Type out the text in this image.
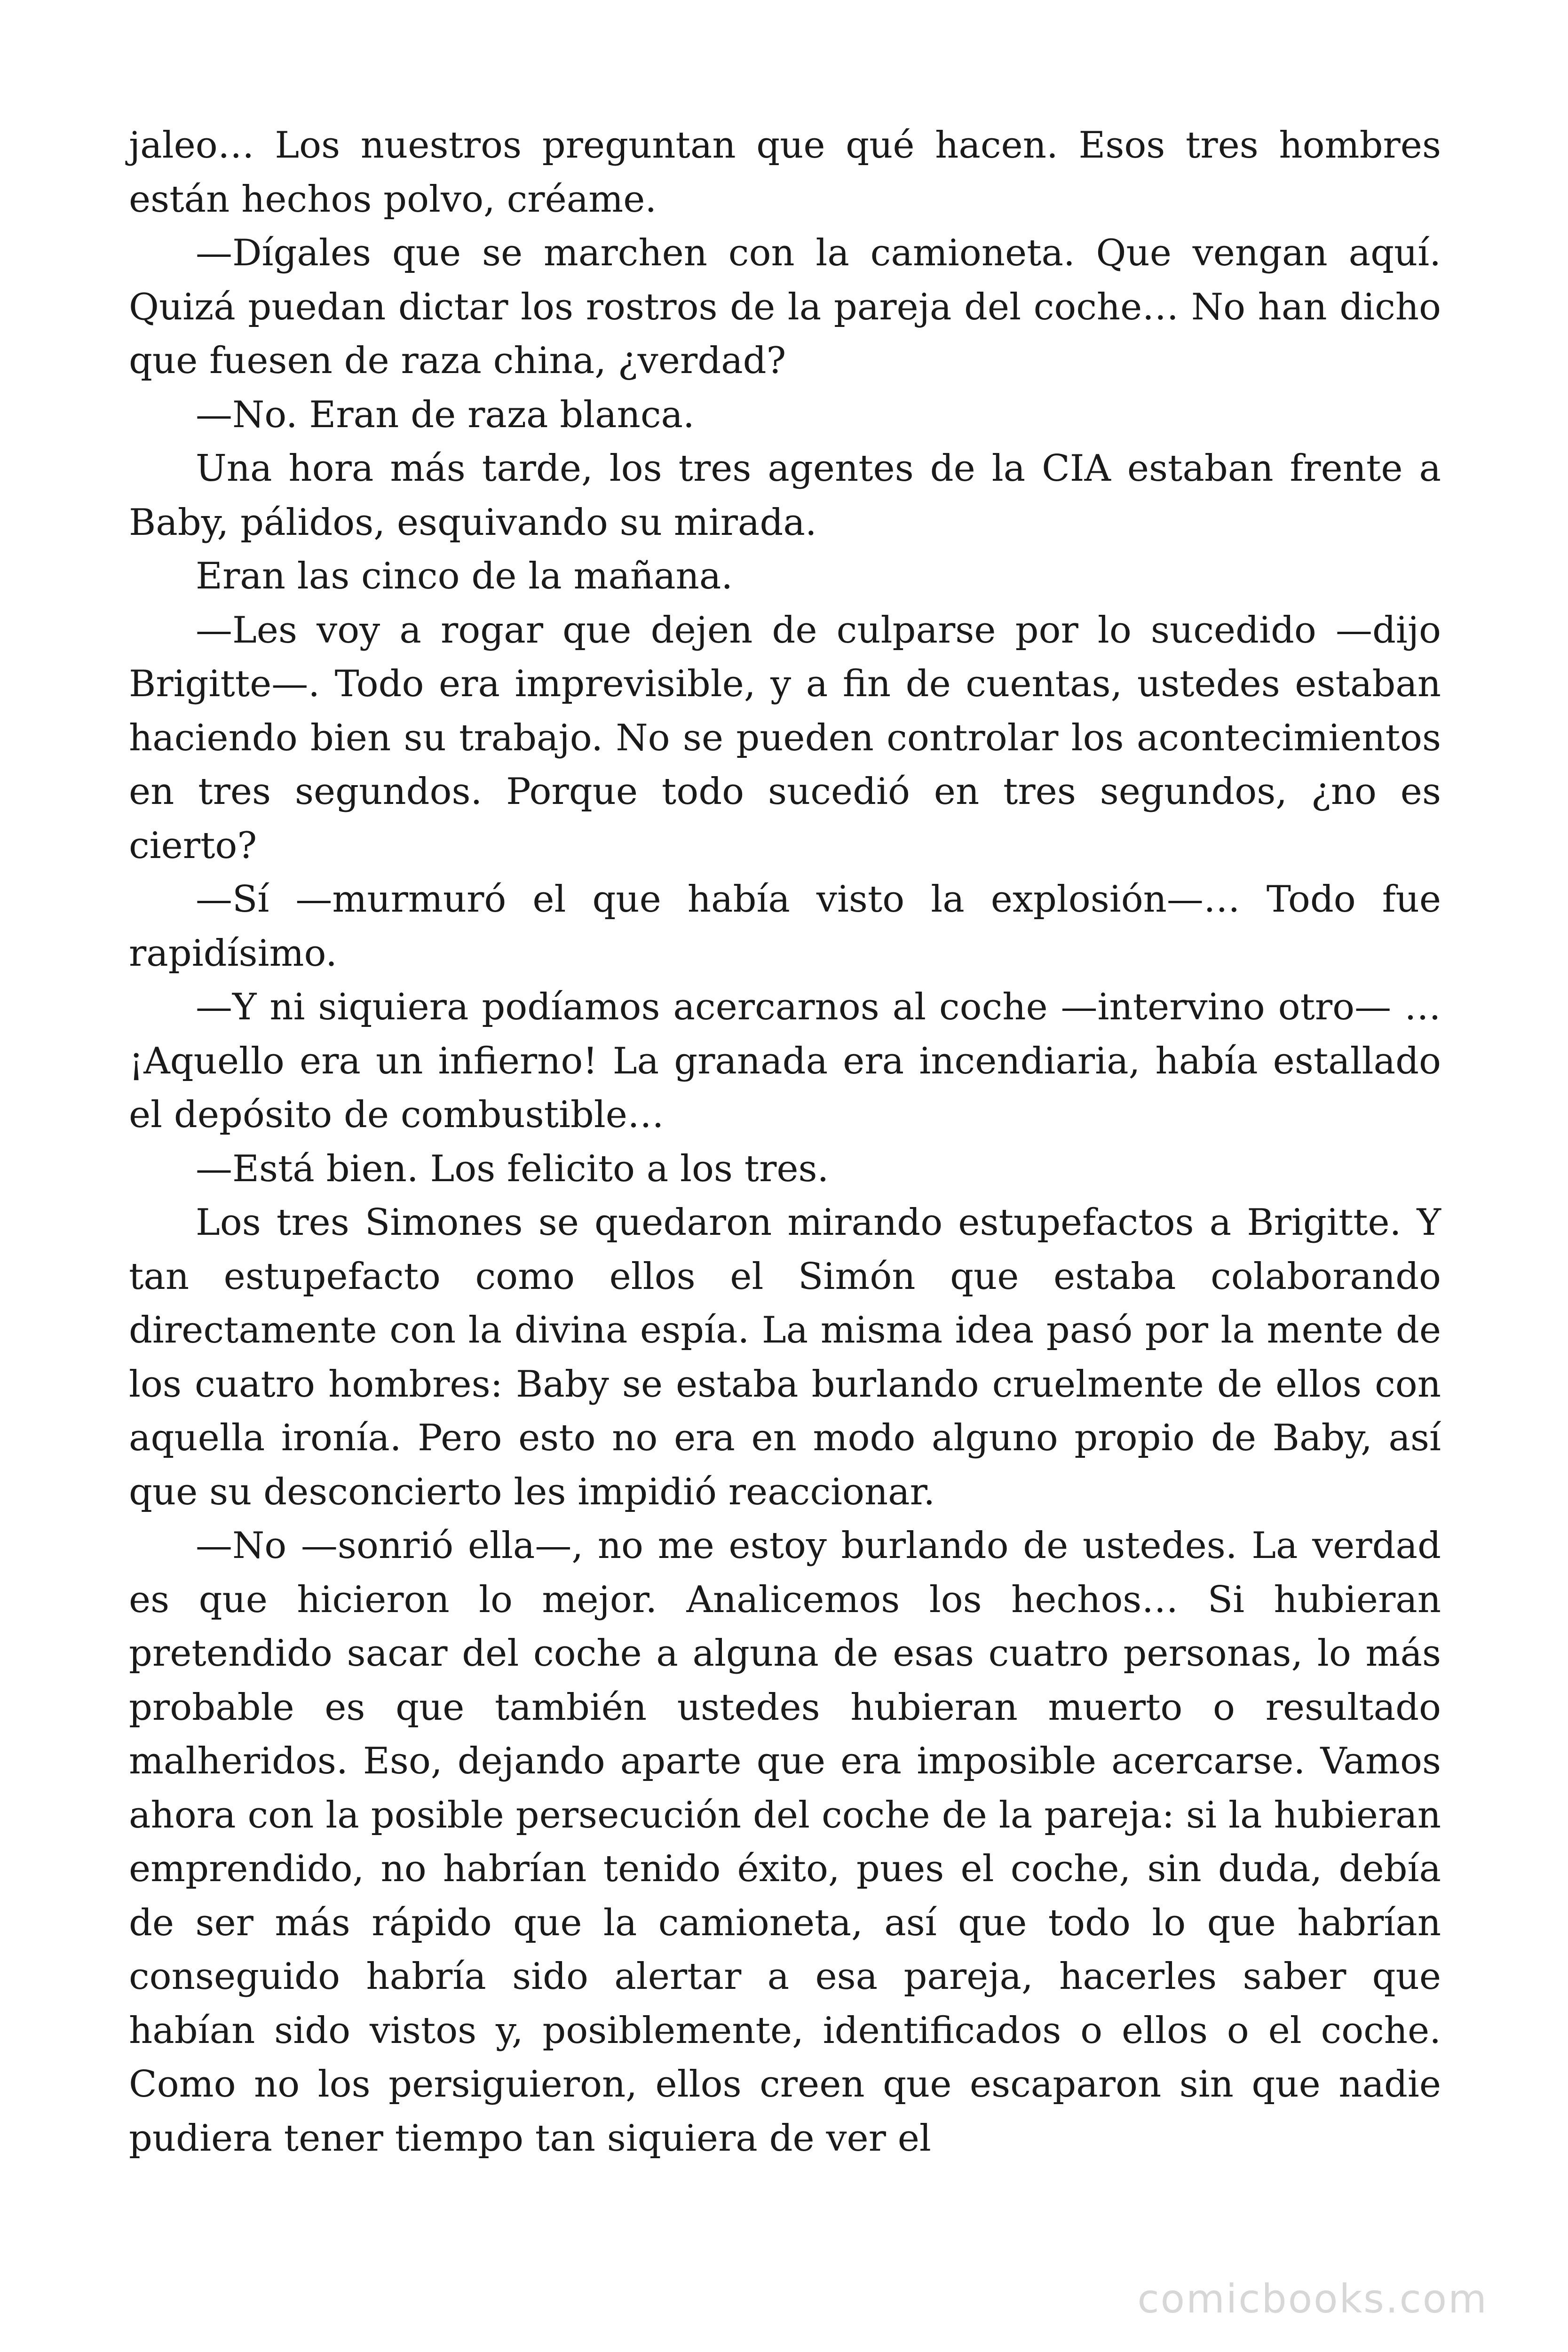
jaleo… Los nuestros preguntan que qué hacen. Esos tres hombres están hechos polvo, créame.

—Dígales que se marchen con la camioneta. Que vengan aquí. Quizá puedan dictar los rostros de la pareja del coche… No han dicho que fuesen de raza china, ¿verdad?

—No. Eran de raza blanca.

Una hora más tarde, los tres agentes de la CIA estaban frente a Baby, pálidos, esquivando su mirada.

Eran las cinco de la mañana.

—Les voy a rogar que dejen de culparse por lo sucedido —dijo Brigitte—. Todo era imprevisible, y a fin de cuentas, ustedes estaban haciendo bien su trabajo. No se pueden controlar los acontecimientos en tres segundos. Porque todo sucedió en tres segundos, ¿no es cierto?

—Sí —murmuró el que había visto la explosión—… Todo fue rapidísimo.

—Y ni siquiera podíamos acercarnos al coche —intervino otro— … ¡Aquello era un infierno! La granada era incendiaria, había estallado el depósito de combustible…

—Está bien. Los felicito a los tres.

Los tres Simones se quedaron mirando estupefactos a Brigitte. Y tan estupefacto como ellos el Simón que estaba colaborando directamente con la divina espía. La misma idea pasó por la mente de los cuatro hombres: Baby se estaba burlando cruelmente de ellos con aquella ironía. Pero esto no era en modo alguno propio de Baby, así que su desconcierto les impidió reaccionar.

—No —sonrió ella—, no me estoy burlando de ustedes. La verdad es que hicieron lo mejor. Analicemos los hechos… Si hubieran pretendido sacar del coche a alguna de esas cuatro personas, lo más probable es que también ustedes hubieran muerto o resultado malheridos. Eso, dejando aparte que era imposible acercarse. Vamos ahora con la posible persecución del coche de la pareja: si la hubieran emprendido, no habrían tenido éxito, pues el coche, sin duda, debía de ser más rápido que la camioneta, así que todo lo que habrían conseguido habría sido alertar a esa pareja, hacerles saber que habían sido vistos y, posiblemente, identificados o ellos o el coche. Como no los persiguieron, ellos creen que escaparon sin que nadie pudiera tener tiempo tan siquiera de ver el

comicbooks.com
